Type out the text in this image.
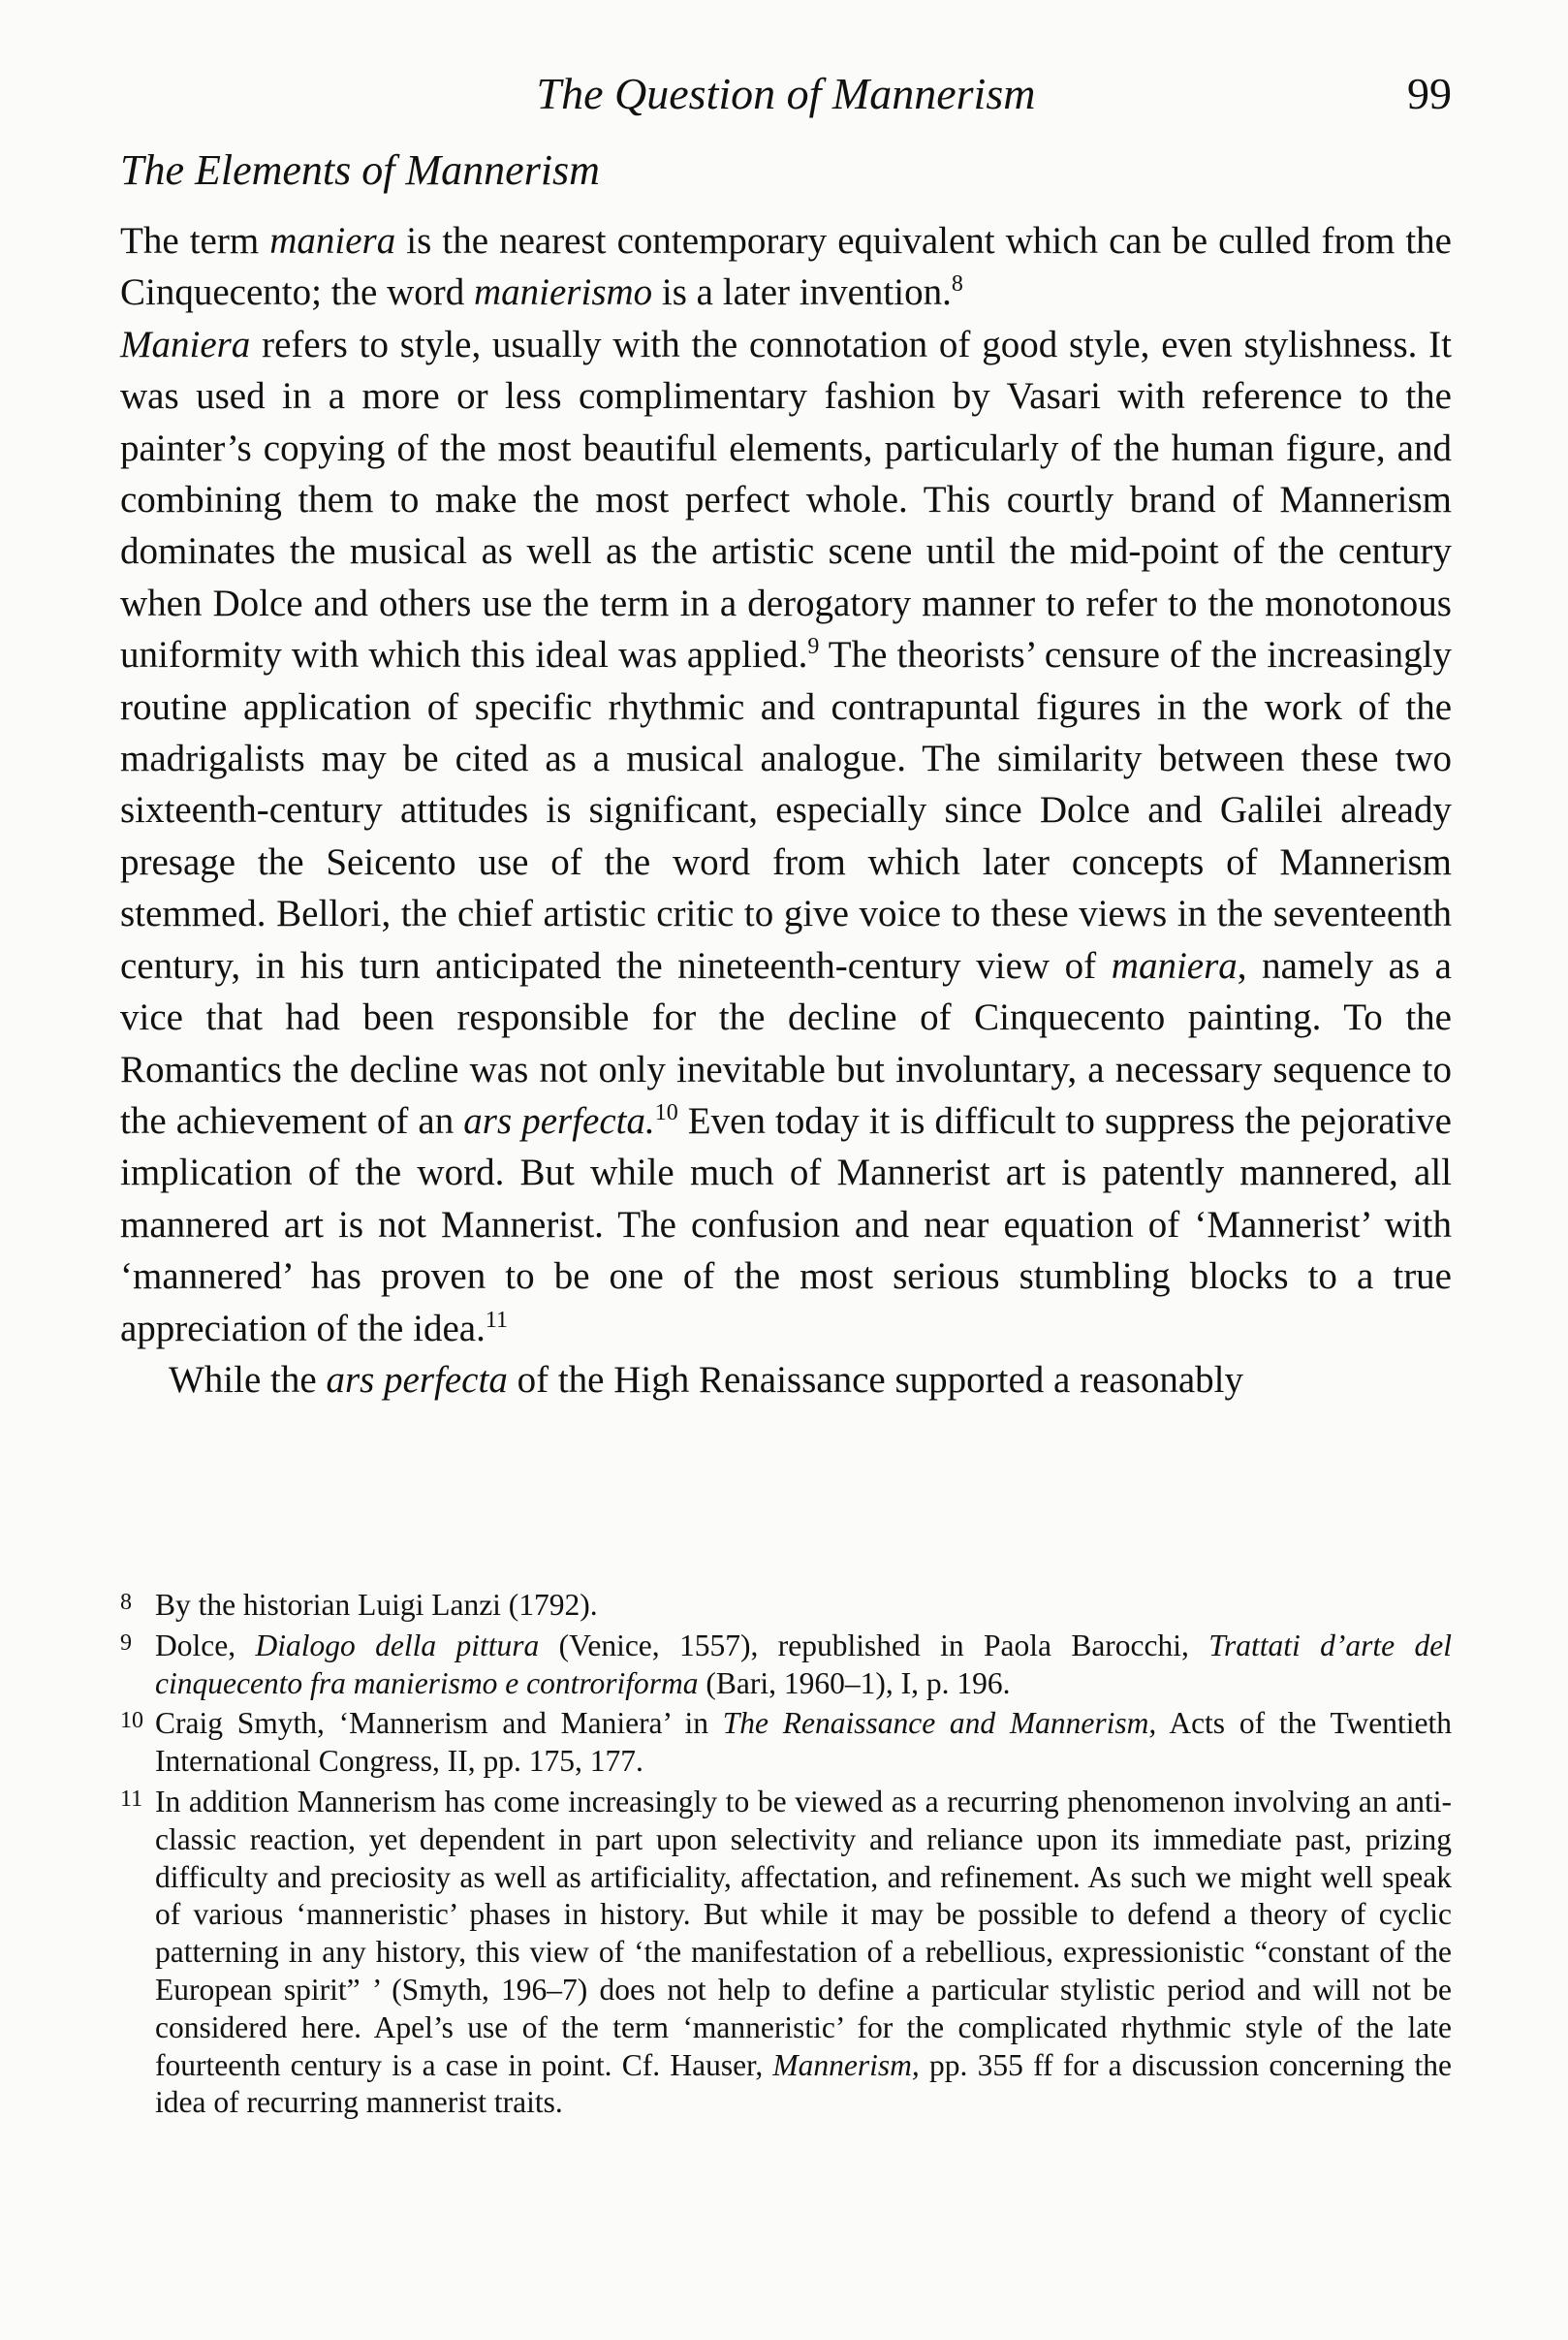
The Question of Mannerism	99
The Elements of Mannerism

The term maniera is the nearest contemporary equivalent which can be culled from the Cinquecento; the word manierismo is a later invention.$^8$
Maniera refers to style, usually with the connotation of good style, even stylishness. It was used in a more or less complimentary fashion by Vasari with reference to the painter’s copying of the most beautiful elements, particularly of the human figure, and combining them to make the most perfect whole. This courtly brand of Mannerism dominates the musical as well as the artistic scene until the mid-point of the century when Dolce and others use the term in a derogatory manner to refer to the monotonous uniformity with which this ideal was applied.$^9$ The theorists’ censure of the increasingly routine application of specific rhythmic and contrapuntal figures in the work of the madrigalists may be cited as a musical analogue. The similarity between these two sixteenth-century attitudes is significant, especially since Dolce and Galilei already presage the Seicento use of the word from which later concepts of Mannerism stemmed. Bellori, the chief artistic critic to give voice to these views in the seventeenth century, in his turn anticipated the nineteenth-century view of maniera, namely as a vice that had been responsible for the decline of Cinquecento painting. To the Romantics the decline was not only inevitable but involuntary, a necessary sequence to the achievement of an ars perfecta.$^{10}$ Even today it is difficult to suppress the pejorative implication of the word. But while much of Mannerist art is patently mannered, all mannered art is not Mannerist. The confusion and near equation of ‘Mannerist’ with ‘mannered’ has proven to be one of the most serious stumbling blocks to a true appreciation of the idea.$^{11}$

While the ars perfecta of the High Renaissance supported a reasonably

8 By the historian Luigi Lanzi (1792).

9 Dolce, Dialogo della pittura (Venice, 1557), republished in Paola Barocchi, Trattati d’arte del cinquecento fra manierismo e controriforma (Bari, 1960–1), I, p. 196.

10 Craig Smyth, ‘Mannerism and Maniera’ in The Renaissance and Mannerism, Acts of the Twentieth International Congress, II, pp. 175, 177.

11 In addition Mannerism has come increasingly to be viewed as a recurring phenomenon involving an anti-classic reaction, yet dependent in part upon selectivity and reliance upon its immediate past, prizing difficulty and preciosity as well as artificiality, affectation, and refinement. As such we might well speak of various ‘manneristic’ phases in history. But while it may be possible to defend a theory of cyclic patterning in any history, this view of ‘the manifestation of a rebellious, expressionistic “constant of the European spirit” ’ (Smyth, 196–7) does not help to define a particular stylistic period and will not be considered here. Apel’s use of the term ‘manneristic’ for the complicated rhythmic style of the late fourteenth century is a case in point. Cf. Hauser, Mannerism, pp. 355 ff for a discussion concerning the idea of recurring mannerist traits.
